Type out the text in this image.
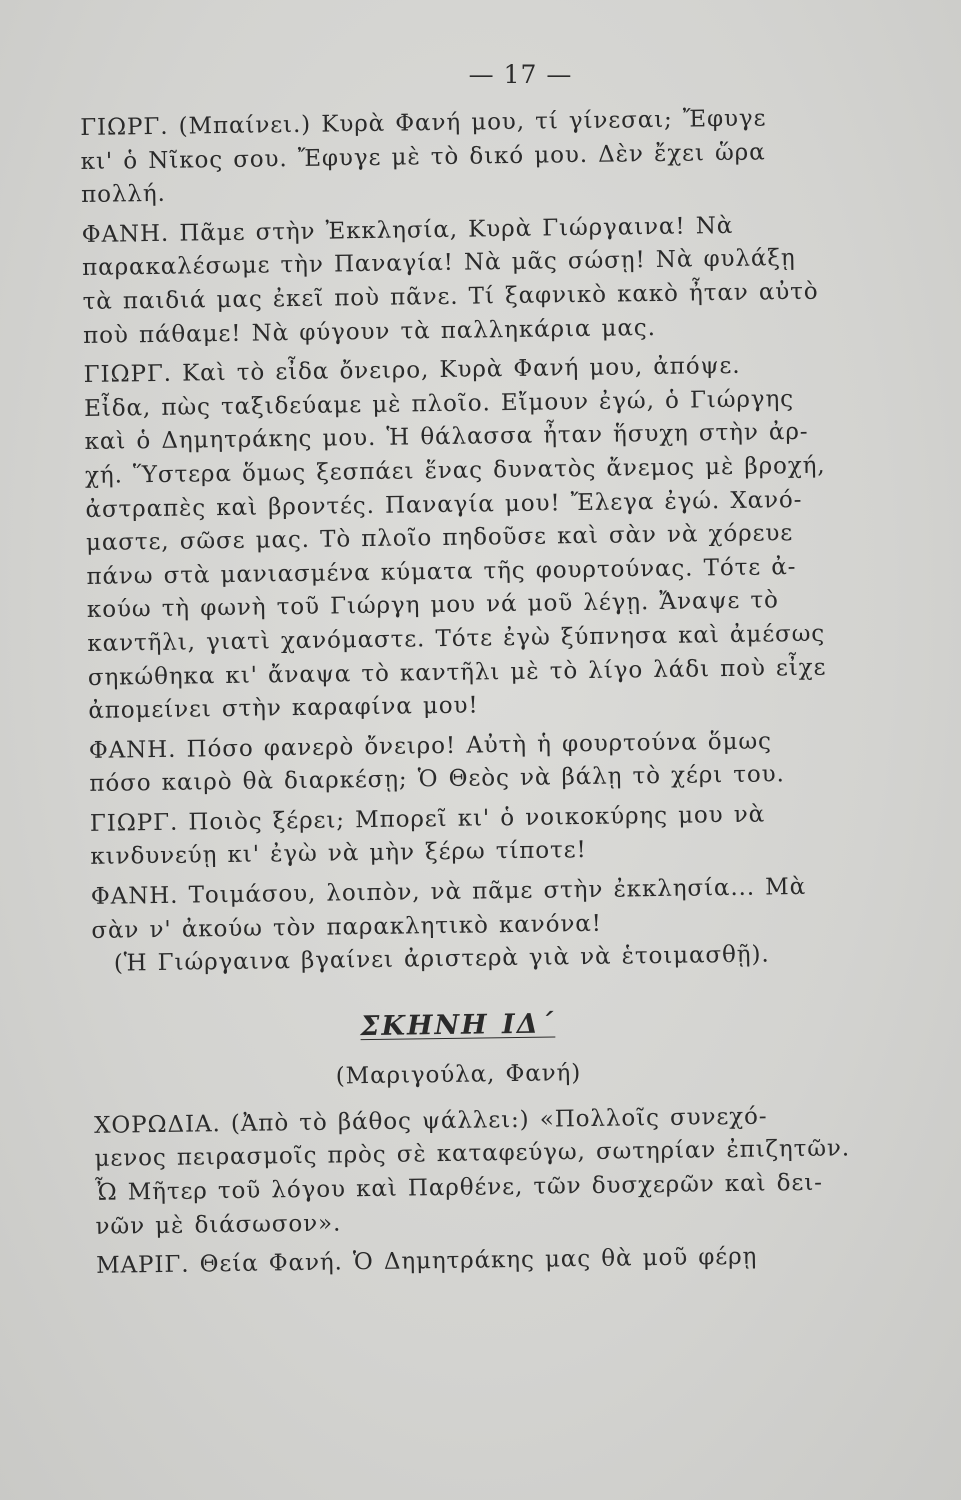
— 17 —
ΓΙΩΡΓ. (Μπαίνει.) Κυρὰ Φανή μου, τί γίνεσαι; Ἔφυγε
κι' ὁ Νῖκος σου. Ἔφυγε μὲ τὸ δικό μου. Δὲν ἔχει ὥρα
πολλή.
ΦΑΝΗ. Πᾶμε στὴν Ἐκκλησία, Κυρὰ Γιώργαινα! Νὰ
παρακαλέσωμε τὴν Παναγία! Νὰ μᾶς σώσῃ! Νὰ φυλάξῃ
τὰ παιδιά μας ἐκεῖ ποὺ πᾶνε. Τί ξαφνικὸ κακὸ ἦταν αὐτὸ
ποὺ πάθαμε! Νὰ φύγουν τὰ παλληκάρια μας.
ΓΙΩΡΓ. Καὶ τὸ εἶδα ὄνειρο, Κυρὰ Φανή μου, ἀπόψε.
Εἶδα, πὼς ταξιδεύαμε μὲ πλοῖο. Εἴμουν ἐγώ, ὁ Γιώργης
καὶ ὁ Δημητράκης μου. Ἡ θάλασσα ἦταν ἥσυχη στὴν ἀρ-
χή. Ὕστερα ὅμως ξεσπάει ἕνας δυνατὸς ἄνεμος μὲ βροχή,
ἀστραπὲς καὶ βροντές. Παναγία μου! Ἔλεγα ἐγώ. Χανό-
μαστε, σῶσε μας. Τὸ πλοῖο πηδοῦσε καὶ σὰν νὰ χόρευε
πάνω στὰ μανιασμένα κύματα τῆς φουρτούνας. Τότε ἀ-
κούω τὴ φωνὴ τοῦ Γιώργη μου νά μοῦ λέγῃ. Ἄναψε τὸ
καντῆλι, γιατὶ χανόμαστε. Τότε ἐγὼ ξύπνησα καὶ ἀμέσως
σηκώθηκα κι' ἄναψα τὸ καντῆλι μὲ τὸ λίγο λάδι ποὺ εἶχε
ἀπομείνει στὴν καραφίνα μου!
ΦΑΝΗ. Πόσο φανερὸ ὄνειρο! Αὐτὴ ἡ φουρτούνα ὅμως
πόσο καιρὸ θὰ διαρκέσῃ; Ὁ Θεὸς νὰ βάλῃ τὸ χέρι του.
ΓΙΩΡΓ. Ποιὸς ξέρει; Μπορεῖ κι' ὁ νοικοκύρης μου νὰ
κινδυνεύῃ κι' ἐγὼ νὰ μὴν ξέρω τίποτε!
ΦΑΝΗ. Τοιμάσου, λοιπὸν, νὰ πᾶμε στὴν ἐκκλησία... Μὰ
σὰν ν' ἀκούω τὸν παρακλητικὸ κανόνα!
(Ἡ Γιώργαινα βγαίνει ἀριστερὰ γιὰ νὰ ἑτοιμασθῇ).
ΣΚΗΝΗ ΙΔ΄
(Μαριγούλα, Φανή)
ΧΟΡΩΔΙΑ. (Ἀπὸ τὸ βάθος ψάλλει:) «Πολλοῖς συνεχό-
μενος πειρασμοῖς πρὸς σὲ καταφεύγω, σωτηρίαν ἐπιζητῶν.
Ὦ Μῆτερ τοῦ λόγου καὶ Παρθένε, τῶν δυσχερῶν καὶ δει-
νῶν μὲ διάσωσον».
ΜΑΡΙΓ. Θεία Φανή. Ὁ Δημητράκης μας θὰ μοῦ φέρῃ
